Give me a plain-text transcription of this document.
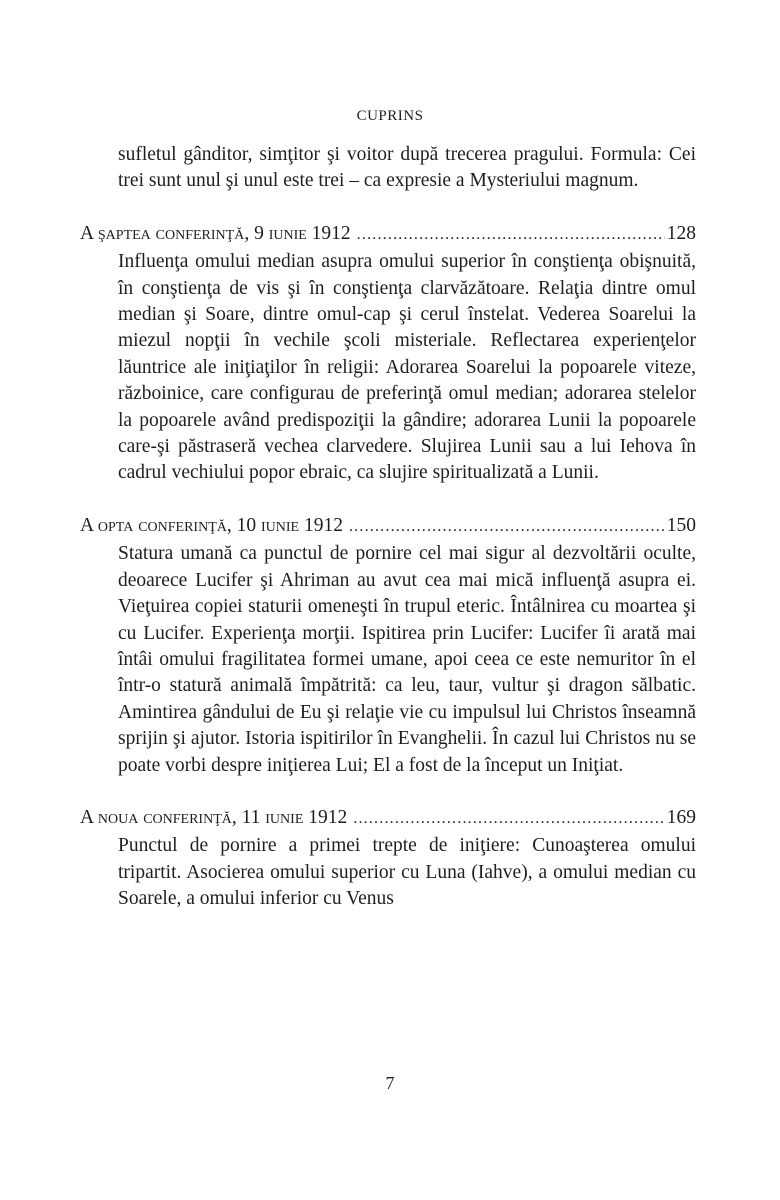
CUPRINS

sufletul gânditor, simţitor şi voitor după trecerea pragului. Formula: Cei trei sunt unul şi unul este trei – ca expresie a Mysteriului magnum.

A şaptea conferinţă, 9 iunie 1912 .....	128

Influenţa omului median asupra omului superior în conştienţa obişnuită, în conştienţa de vis şi în conştienţa clarvăzătoare. Relaţia dintre omul median şi Soare, dintre omul-cap şi cerul înstelat. Vederea Soarelui la miezul nopţii în vechile şcoli misteriale. Reflectarea experienţelor lăuntrice ale iniţiaţilor în religii: Adorarea Soarelui la popoarele viteze, războinice, care configurau de preferinţă omul median; adorarea stelelor la popoarele având predispoziţii la gândire; adorarea Lunii la popoarele care-şi păstraseră vechea clarvedere. Slujirea Lunii sau a lui Iehova în cadrul vechiului popor ebraic, ca slujire spiritualizată a Lunii.

A opta conferinţă, 10 iunie 1912 .....	150

Statura umană ca punctul de pornire cel mai sigur al dezvoltării oculte, deoarece Lucifer şi Ahriman au avut cea mai mică influenţă asupra ei. Vieţuirea copiei staturii omeneşti în trupul eteric. Întâlnirea cu moartea şi cu Lucifer. Experienţa morţii. Ispitirea prin Lucifer: Lucifer îi arată mai întâi omului fragilitatea formei umane, apoi ceea ce este nemuritor în el într-o statură animală împătrită: ca leu, taur, vultur şi dragon sălbatic. Amintirea gândului de Eu şi relaţie vie cu impulsul lui Christos înseamnă sprijin şi ajutor. Istoria ispitirilor în Evanghelii. În cazul lui Christos nu se poate vorbi despre iniţierea Lui; El a fost de la început un Iniţiat.

A noua conferinţă, 11 iunie 1912 .....	169

Punctul de pornire a primei trepte de iniţiere: Cunoaşterea omului tripartit. Asocierea omului superior cu Luna (Iahve), a omului median cu Soarele, a omului inferior cu Venus

7
